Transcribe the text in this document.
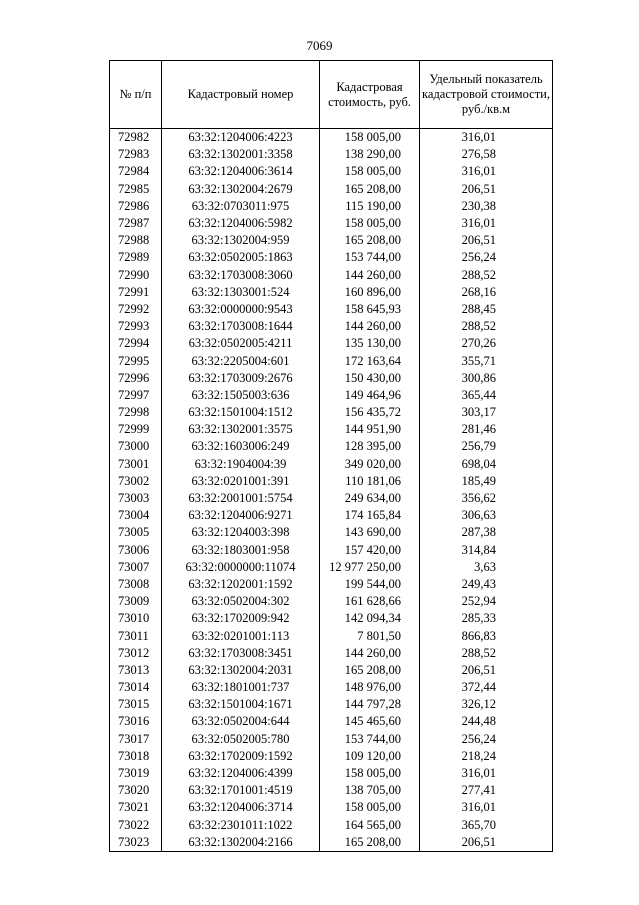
7069
№ п/п	Кадастровый номер	Кадастровая стоимость, руб.	Удельный показатель кадастровой стоимости, руб./кв.м
72982	63:32:1204006:4223	158 005,00	316,01
72983	63:32:1302001:3358	138 290,00	276,58
72984	63:32:1204006:3614	158 005,00	316,01
72985	63:32:1302004:2679	165 208,00	206,51
72986	63:32:0703011:975	115 190,00	230,38
72987	63:32:1204006:5982	158 005,00	316,01
72988	63:32:1302004:959	165 208,00	206,51
72989	63:32:0502005:1863	153 744,00	256,24
72990	63:32:1703008:3060	144 260,00	288,52
72991	63:32:1303001:524	160 896,00	268,16
72992	63:32:0000000:9543	158 645,93	288,45
72993	63:32:1703008:1644	144 260,00	288,52
72994	63:32:0502005:4211	135 130,00	270,26
72995	63:32:2205004:601	172 163,64	355,71
72996	63:32:1703009:2676	150 430,00	300,86
72997	63:32:1505003:636	149 464,96	365,44
72998	63:32:1501004:1512	156 435,72	303,17
72999	63:32:1302001:3575	144 951,90	281,46
73000	63:32:1603006:249	128 395,00	256,79
73001	63:32:1904004:39	349 020,00	698,04
73002	63:32:0201001:391	110 181,06	185,49
73003	63:32:2001001:5754	249 634,00	356,62
73004	63:32:1204006:9271	174 165,84	306,63
73005	63:32:1204003:398	143 690,00	287,38
73006	63:32:1803001:958	157 420,00	314,84
73007	63:32:0000000:11074	12 977 250,00	3,63
73008	63:32:1202001:1592	199 544,00	249,43
73009	63:32:0502004:302	161 628,66	252,94
73010	63:32:1702009:942	142 094,34	285,33
73011	63:32:0201001:113	7 801,50	866,83
73012	63:32:1703008:3451	144 260,00	288,52
73013	63:32:1302004:2031	165 208,00	206,51
73014	63:32:1801001:737	148 976,00	372,44
73015	63:32:1501004:1671	144 797,28	326,12
73016	63:32:0502004:644	145 465,60	244,48
73017	63:32:0502005:780	153 744,00	256,24
73018	63:32:1702009:1592	109 120,00	218,24
73019	63:32:1204006:4399	158 005,00	316,01
73020	63:32:1701001:4519	138 705,00	277,41
73021	63:32:1204006:3714	158 005,00	316,01
73022	63:32:2301011:1022	164 565,00	365,70
73023	63:32:1302004:2166	165 208,00	206,51
